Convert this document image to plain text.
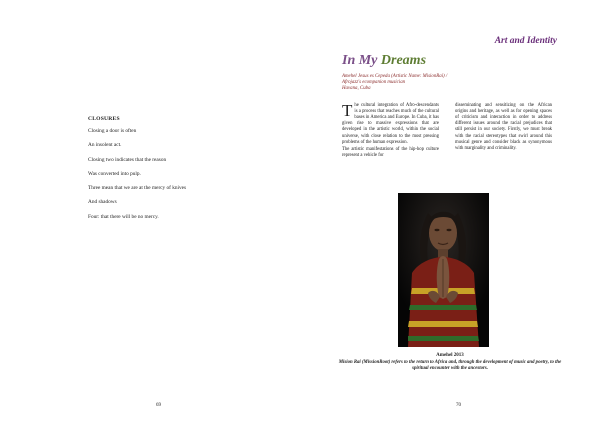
CLOSURES
Closing a door is often
An insolent act.
Closing two indicates that the reason
Was converted into pulp.
Three mean that we are at the mercy of knives
And shadows
Four: that there will be no mercy.
69
Art and Identity
In My Dreams
Amehel Jesus es Cepeda (Artistic Name: MisionRai) /
Afrojazz's ecompanion musician
Havana, Cuba

The cultural integration of Afro-descendants is a process that reaches much of the cultural bases in America and Europe. In Cuba, it has given rise to massive expressions that are developed in the artistic world, within the social universe, with close relation to the most pressing problems of the human expression.

The artistic manifestations of the hip-hop culture represent a vehicle for

disseminating and sensitizing on the African origins and heritage, as well as for opening spaces of criticism and interaction in order to address different issues around the racial prejudices that still persist in our society. Firstly, we must break with the racial stereotypes that swirl around this musical genre and consider black as synonymous with marginality and criminality.

Amehel 2013
Mision Rai (MissionRoot) refers to the return to Africa and, through the development of music and poetry, to the spiritual encounter with the ancestors.
70
